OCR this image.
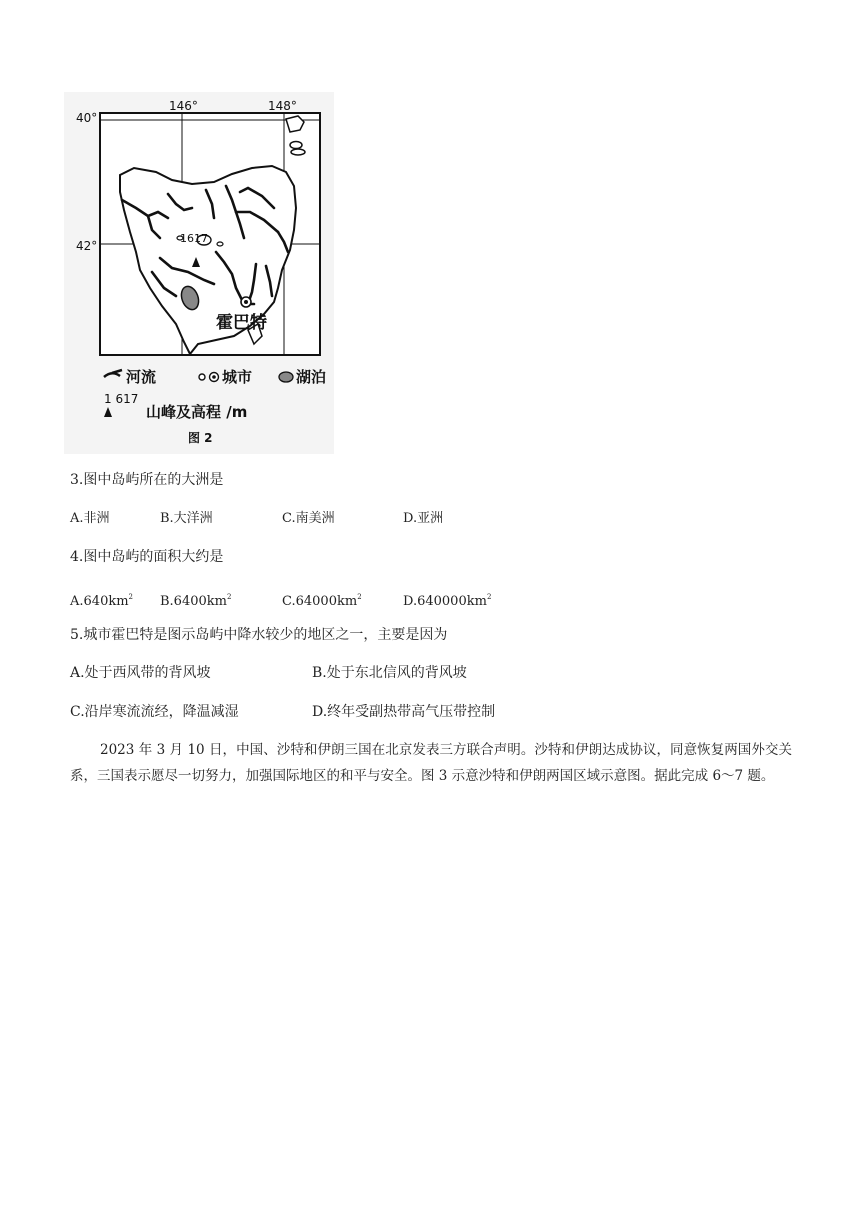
146°	148°
40°
42°
1617
霍巴特
河流	城市	湖泊
1 617
山峰及高程 /m
图 2
3.图中岛屿所在的大洲是
A.非洲	B.大洋洲	C.南美洲	D.亚洲
4.图中岛屿的面积大约是
$A.640km^2$ $B.6400km^2$	$C.64000km^2$	$D.640000km^2$
5.城市霍巴特是图示岛屿中降水较少的地区之一，主要是因为
A.处于西风带的背风坡	B.处于东北信风的背风坡
C.沿岸寒流流经，降温减湿	D.终年受副热带高气压带控制
2023 年 3 月 10 日，中国、沙特和伊朗三国在北京发表三方联合声明。沙特和伊朗达成协议，同意恢复两国外交关系，三国表示愿尽一切努力，加强国际地区的和平与安全。图 3 示意沙特和伊朗两国区域示意图。据此完成 6～7 题。
